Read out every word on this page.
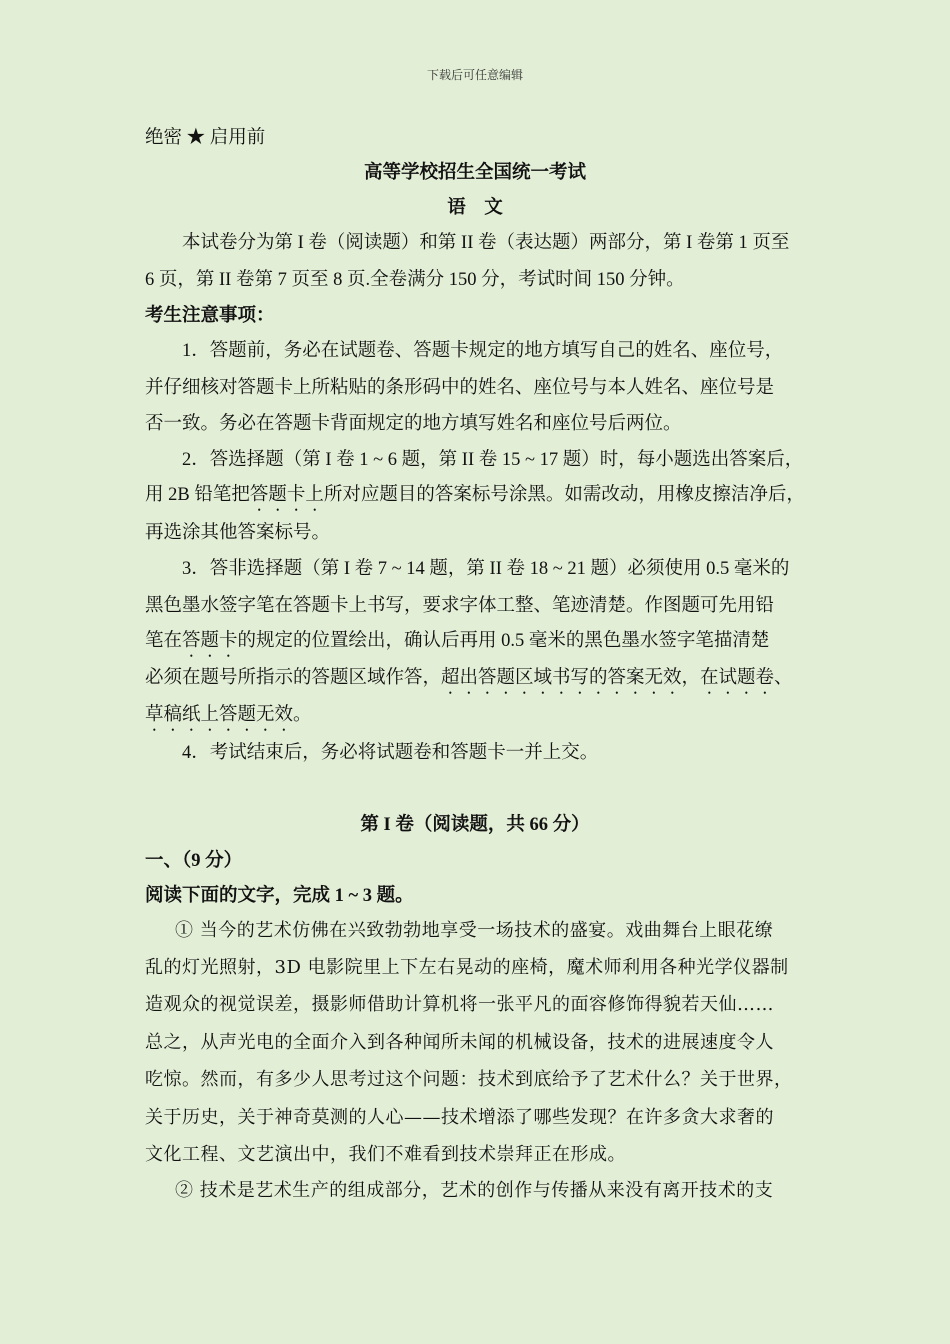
下载后可任意编辑
绝密 ★ 启用前
高等学校招生全国统一考试
语　文
本试卷分为第 I 卷（阅读题）和第 II 卷（表达题）两部分，第 I 卷第 1 页至
6 页，第 II 卷第 7 页至 8 页.全卷满分 150 分，考试时间 150 分钟。
考生注意事项：
1．答题前，务必在试题卷、答题卡规定的地方填写自己的姓名、座位号，
并仔细核对答题卡上所粘贴的条形码中的姓名、座位号与本人姓名、座位号是
否一致。务必在答题卡背面规定的地方填写姓名和座位号后两位。
2．答选择题（第 I 卷 1 ~ 6 题，第 II 卷 15 ~ 17 题）时，每小题选出答案后，
用 2B 铅笔把答题卡上所对应题目的答案标号涂黑。如需改动，用橡皮擦洁净后，
再选涂其他答案标号。
3．答非选择题（第 I 卷 7 ~ 14 题，第 II 卷 18 ~ 21 题）必须使用 0.5 毫米的
黑色墨水签字笔在答题卡上书写，要求字体工整、笔迹清楚。作图题可先用铅
笔在答题卡的规定的位置绘出，确认后再用 0.5 毫米的黑色墨水签字笔描清楚
必须在题号所指示的答题区域作答，超出答题区域书写的答案无效，在试题卷、
草稿纸上答题无效。
4．考试结束后，务必将试题卷和答题卡一并上交。
第 I 卷（阅读题，共 66 分）
一、（9 分）
阅读下面的文字，完成 1 ~ 3 题。
① 当今的艺术仿佛在兴致勃勃地享受一场技术的盛宴。戏曲舞台上眼花缭
乱的灯光照射，3D 电影院里上下左右晃动的座椅，魔术师利用各种光学仪器制
造观众的视觉误差，摄影师借助计算机将一张平凡的面容修饰得貌若天仙……
总之，从声光电的全面介入到各种闻所未闻的机械设备，技术的进展速度令人
吃惊。然而，有多少人思考过这个问题：技术到底给予了艺术什么？关于世界，
关于历史，关于神奇莫测的人心——技术增添了哪些发现？在许多贪大求奢的
文化工程、文艺演出中，我们不难看到技术崇拜正在形成。
② 技术是艺术生产的组成部分，艺术的创作与传播从来没有离开技术的支
